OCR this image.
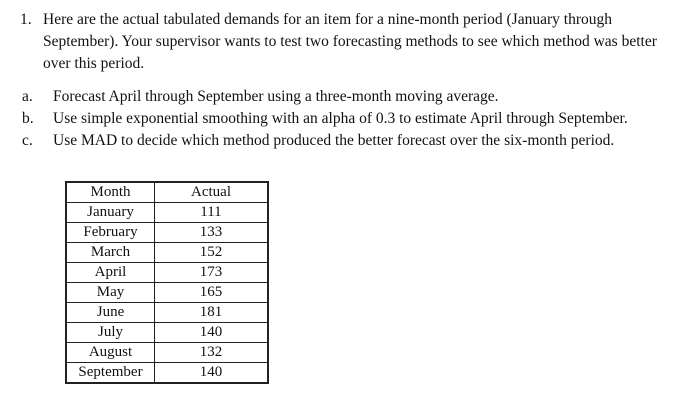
1. Here are the actual tabulated demands for an item for a nine-month period (January through September). Your supervisor wants to test two forecasting methods to see which method was better over this period.
a. Forecast April through September using a three-month moving average.
b. Use simple exponential smoothing with an alpha of 0.3 to estimate April through September.
c. Use MAD to decide which method produced the better forecast over the six-month period.
Month	Actual
January	111
February	133
March	152
April	173
May	165
June	181
July	140
August	132
September	140
